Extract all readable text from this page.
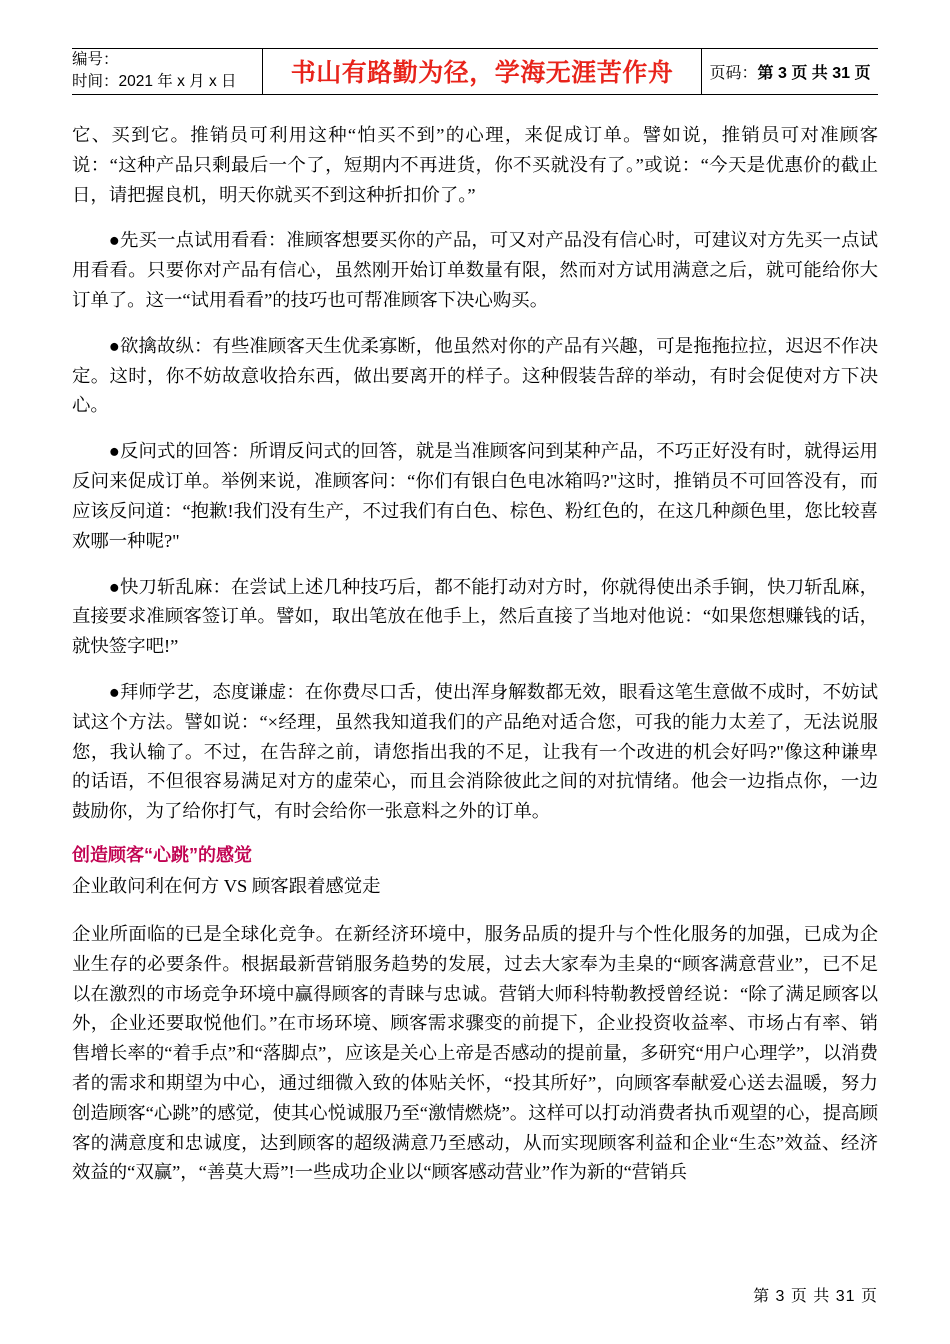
编号：
时间：2021 年 x 月 x 日	书山有路勤为径，学海无涯苦作舟	页码：第 3 页 共 31 页

它、买到它。推销员可利用这种“怕买不到”的心理，来促成订单。譬如说，推销员可对准顾客说：“这种产品只剩最后一个了，短期内不再进货，你不买就没有了。”或说：“今天是优惠价的截止日，请把握良机，明天你就买不到这种折扣价了。”

●先买一点试用看看：准顾客想要买你的产品，可又对产品没有信心时，可建议对方先买一点试用看看。只要你对产品有信心，虽然刚开始订单数量有限，然而对方试用满意之后，就可能给你大订单了。这一“试用看看”的技巧也可帮准顾客下决心购买。

●欲擒故纵：有些准顾客天生优柔寡断，他虽然对你的产品有兴趣，可是拖拖拉拉，迟迟不作决定。这时，你不妨故意收拾东西，做出要离开的样子。这种假装告辞的举动，有时会促使对方下决心。

●反问式的回答：所谓反问式的回答，就是当准顾客问到某种产品，不巧正好没有时，就得运用反问来促成订单。举例来说，准顾客问：“你们有银白色电冰箱吗?"这时，推销员不可回答没有，而应该反问道：“抱歉!我们没有生产，不过我们有白色、棕色、粉红色的，在这几种颜色里，您比较喜欢哪一种呢?"

●快刀斩乱麻：在尝试上述几种技巧后，都不能打动对方时，你就得使出杀手锏，快刀斩乱麻，直接要求准顾客签订单。譬如，取出笔放在他手上，然后直接了当地对他说：“如果您想赚钱的话，就快签字吧!”

●拜师学艺，态度谦虚：在你费尽口舌，使出浑身解数都无效，眼看这笔生意做不成时，不妨试试这个方法。譬如说：“×经理，虽然我知道我们的产品绝对适合您，可我的能力太差了，无法说服您，我认输了。不过，在告辞之前，请您指出我的不足，让我有一个改进的机会好吗?"像这种谦卑的话语，不但很容易满足对方的虚荣心，而且会消除彼此之间的对抗情绪。他会一边指点你，一边鼓励你，为了给你打气，有时会给你一张意料之外的订单。

创造顾客“心跳”的感觉
企业敢问利在何方 VS 顾客跟着感觉走

企业所面临的已是全球化竞争。在新经济环境中，服务品质的提升与个性化服务的加强，已成为企业生存的必要条件。根据最新营销服务趋势的发展，过去大家奉为圭臬的“顾客满意营业”，已不足以在激烈的市场竞争环境中赢得顾客的青睐与忠诚。营销大师科特勒教授曾经说：“除了满足顾客以外，企业还要取悦他们。”在市场环境、顾客需求骤变的前提下，企业投资收益率、市场占有率、销售增长率的“着手点”和“落脚点”，应该是关心上帝是否感动的提前量，多研究“用户心理学”，以消费者的需求和期望为中心，通过细微入致的体贴关怀，“投其所好”，向顾客奉献爱心送去温暖，努力创造顾客“心跳”的感觉，使其心悦诚服乃至“激情燃烧”。这样可以打动消费者执币观望的心，提高顾客的满意度和忠诚度，达到顾客的超级满意乃至感动，从而实现顾客利益和企业“生态”效益、经济效益的“双赢”，“善莫大焉”!一些成功企业以“顾客感动营业”作为新的“营销兵

第 3 页 共 31 页
